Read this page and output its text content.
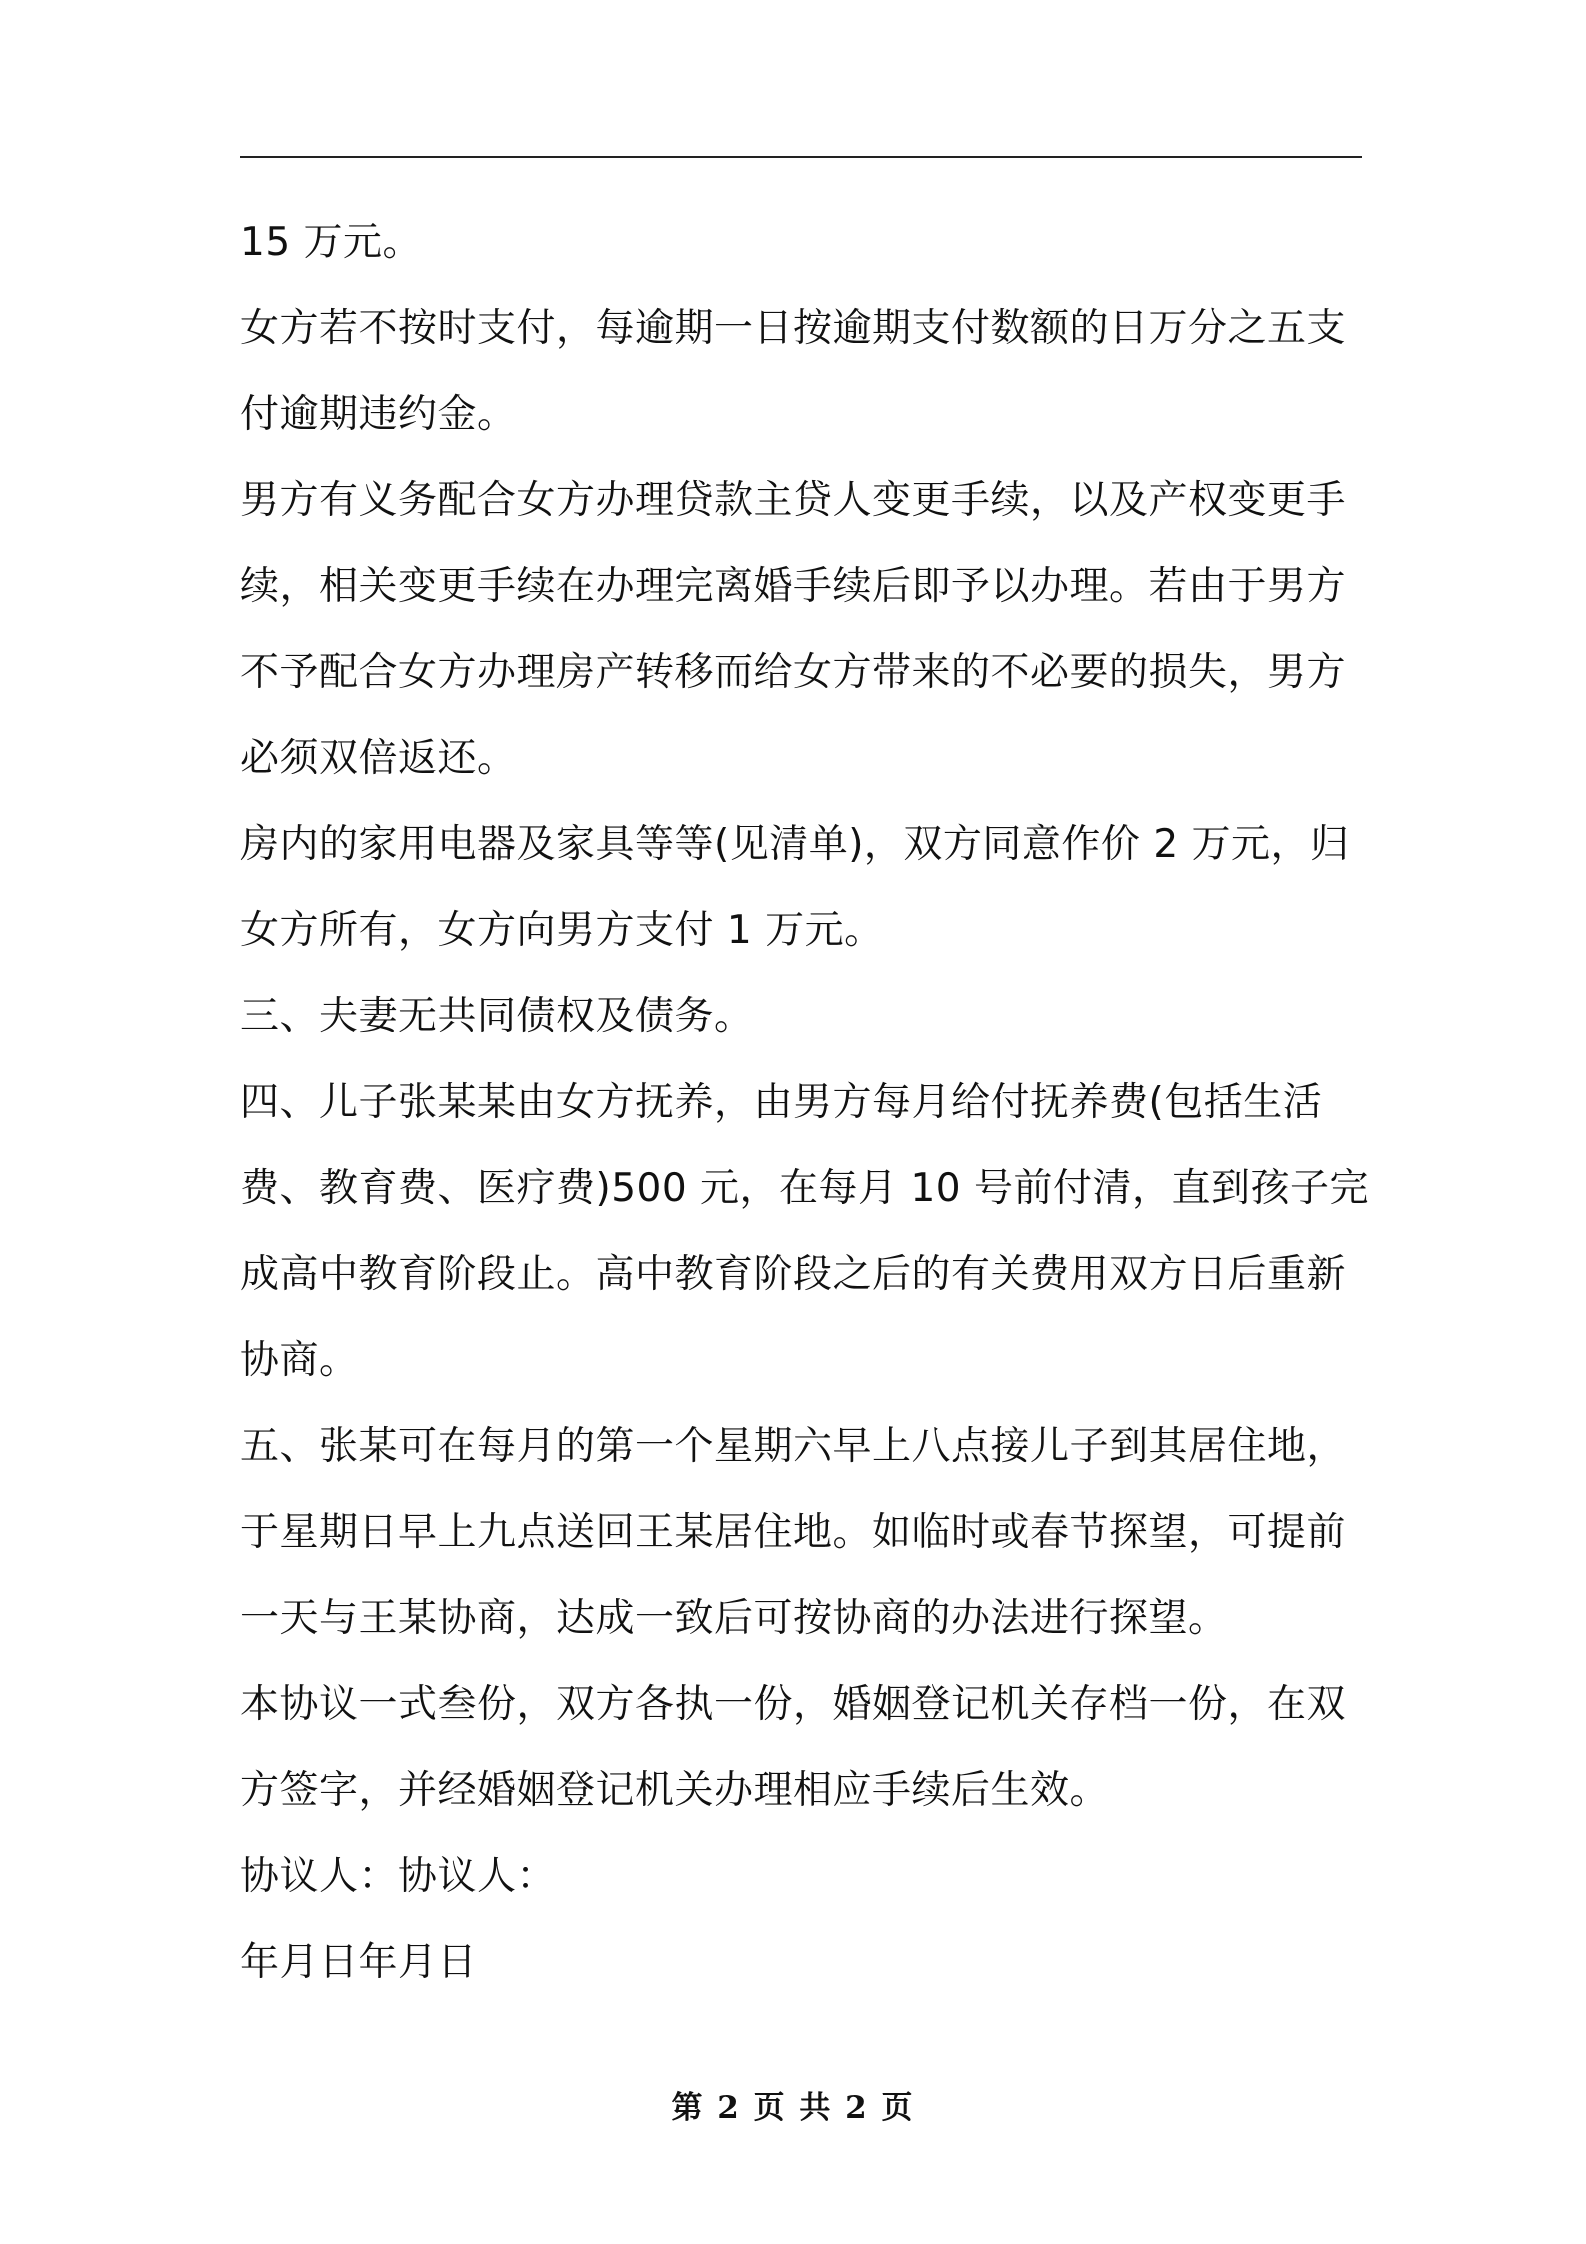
15 万元。

女方若不按时支付，每逾期一日按逾期支付数额的日万分之五支付逾期违约金。

男方有义务配合女方办理贷款主贷人变更手续，以及产权变更手续，相关变更手续在办理完离婚手续后即予以办理。若由于男方不予配合女方办理房产转移而给女方带来的不必要的损失，男方必须双倍返还。

房内的家用电器及家具等等(见清单)，双方同意作价 2 万元，归女方所有，女方向男方支付 1 万元。

三、夫妻无共同债权及债务。

四、儿子张某某由女方抚养，由男方每月给付抚养费(包括生活费、教育费、医疗费)500 元，在每月 10 号前付清，直到孩子完成高中教育阶段止。高中教育阶段之后的有关费用双方日后重新协商。

五、张某可在每月的第一个星期六早上八点接儿子到其居住地，于星期日早上九点送回王某居住地。如临时或春节探望，可提前一天与王某协商，达成一致后可按协商的办法进行探望。

本协议一式叁份，双方各执一份，婚姻登记机关存档一份，在双方签字，并经婚姻登记机关办理相应手续后生效。

协议人：协议人：

年月日年月日

第 2 页 共 2 页
